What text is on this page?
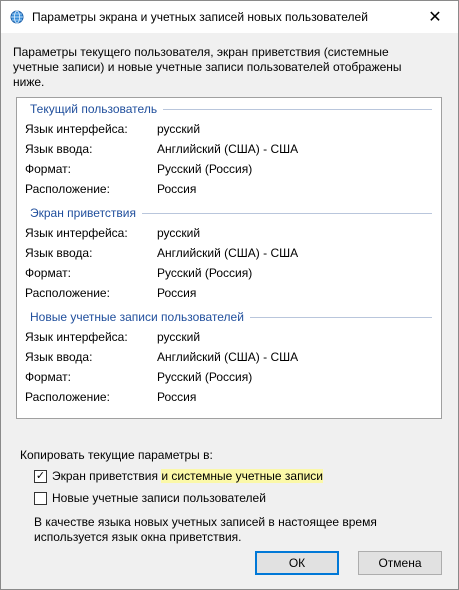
Параметры экрана и учетных записей новых пользователей	✕
Параметры текущего пользователя, экран приветствия (системные учетные записи) и новые учетные записи пользователей отображены ниже.
Текущий пользователь
Язык интерфейса: русский
Язык ввода:	Английский (США) - США
Формат:	Русский (Россия)
Расположение:	Россия
Экран приветствия
Язык интерфейса: русский
Язык ввода:	Английский (США) - США
Формат:	Русский (Россия)
Расположение:	Россия
Новые учетные записи пользователей
Язык интерфейса: русский
Язык ввода:	Английский (США) - США
Формат:	Русский (Россия)
Расположение:	Россия
Копировать текущие параметры в:
✓ Экран приветствия и системные учетные записи
Новые учетные записи пользователей
В качестве языка новых учетных записей в настоящее время используется язык окна приветствия.
ОК	Отмена
